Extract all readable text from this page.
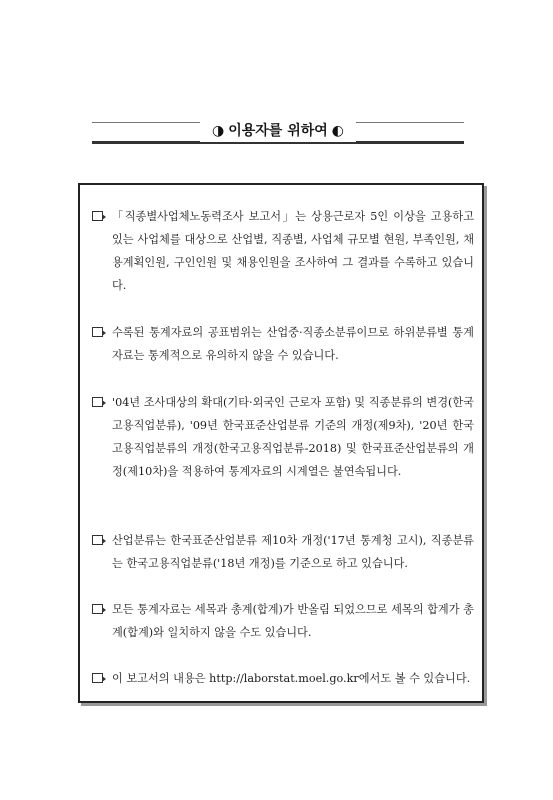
◑ 이용자를 위하여 ◐
「직종별사업체노동력조사 보고서」는 상용근로자 5인 이상을 고용하고 있는 사업체를 대상으로 산업별, 직종별, 사업체 규모별 현원, 부족인원, 채용계획인원, 구인인원 및 채용인원을 조사하여 그 결과를 수록하고 있습니다.
수록된 통계자료의 공표범위는 산업중·직종소분류이므로 하위분류별 통계자료는 통계적으로 유의하지 않을 수 있습니다.
'04년 조사대상의 확대(기타·외국인 근로자 포함) 및 직종분류의 변경(한국고용직업분류), '09년 한국표준산업분류 기준의 개정(제9차), '20년 한국고용직업분류의 개정(한국고용직업분류-2018) 및 한국표준산업분류의 개정(제10차)을 적용하여 통계자료의 시계열은 불연속됩니다.
산업분류는 한국표준산업분류 제10차 개정('17년 통계청 고시), 직종분류는 한국고용직업분류('18년 개정)를 기준으로 하고 있습니다.
모든 통계자료는 세목과 총계(합계)가 반올림 되었으므로 세목의 합계가 총계(합계)와 일치하지 않을 수도 있습니다.
이 보고서의 내용은 http://laborstat.moel.go.kr에서도 볼 수 있습니다.
